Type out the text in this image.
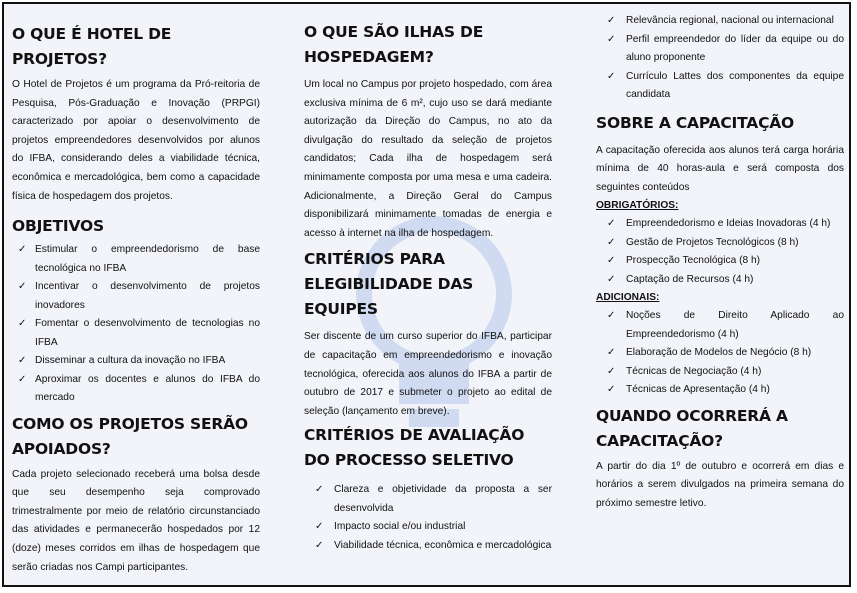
O QUE É HOTEL DE PROJETOS?

O Hotel de Projetos é um programa da Pró-reitoria de Pesquisa, Pós-Graduação e Inovação (PRPGI) caracterizado por apoiar o desenvolvimento de projetos empreendedores desenvolvidos por alunos do IFBA, considerando deles a viabilidade técnica, econômica e mercadológica, bem como a capacidade física de hospedagem dos projetos.

OBJETIVOS
✓ Estimular o empreendedorismo de base tecnológica no IFBA
✓ Incentivar o desenvolvimento de projetos inovadores
✓ Fomentar o desenvolvimento de tecnologias no IFBA
✓ Disseminar a cultura da inovação no IFBA
✓ Aproximar os docentes e alunos do IFBA do mercado
COMO OS PROJETOS SERÃO APOIADOS?

Cada projeto selecionado receberá uma bolsa desde que seu desempenho seja comprovado trimestralmente por meio de relatório circunstanciado das atividades e permanecerão hospedados por 12 (doze) meses corridos em ilhas de hospedagem que serão criadas nos Campi participantes.

O QUE SÃO ILHAS DE HOSPEDAGEM?

Um local no Campus por projeto hospedado, com área exclusiva mínima de 6 m², cujo uso se dará mediante autorização da Direção do Campus, no ato da divulgação do resultado da seleção de projetos candidatos; Cada ilha de hospedagem será minimamente composta por uma mesa e uma cadeira. Adicionalmente, a Direção Geral do Campus disponibilizará minimamente tomadas de energia e acesso à internet na ilha de hospedagem.

CRITÉRIOS PARA ELEGIBILIDADE DAS EQUIPES

Ser discente de um curso superior do IFBA, participar de capacitação em empreendedorismo e inovação tecnológica, oferecida aos alunos do IFBA a partir de outubro de 2017 e submeter o projeto ao edital de seleção (lançamento em breve).

CRITÉRIOS DE AVALIAÇÃO DO PROCESSO SELETIVO
✓ Clareza e objetividade da proposta a ser desenvolvida
✓ Impacto social e/ou industrial
✓ Viabilidade técnica, econômica e mercadológica
✓ Relevância regional, nacional ou internacional
✓ Perfil empreendedor do líder da equipe ou do aluno proponente
✓ Currículo Lattes dos componentes da equipe candidata
SOBRE A CAPACITAÇÃO

A capacitação oferecida aos alunos terá carga horária mínima de 40 horas-aula e será composta dos seguintes conteúdos

OBRIGATÓRIOS:
✓ Empreendedorismo e Ideias Inovadoras (4 h)
✓ Gestão de Projetos Tecnológicos (8 h)
✓ Prospecção Tecnológica (8 h)
✓ Captação de Recursos (4 h)
ADICIONAIS:
✓ Noções de Direito Aplicado ao Empreendedorismo (4 h)
✓ Elaboração de Modelos de Negócio (8 h)
✓ Técnicas de Negociação (4 h)
✓ Técnicas de Apresentação (4 h)
QUANDO OCORRERÁ A CAPACITAÇÃO?

A partir do dia 1º de outubro e ocorrerá em dias e horários a serem divulgados na primeira semana do próximo semestre letivo.
